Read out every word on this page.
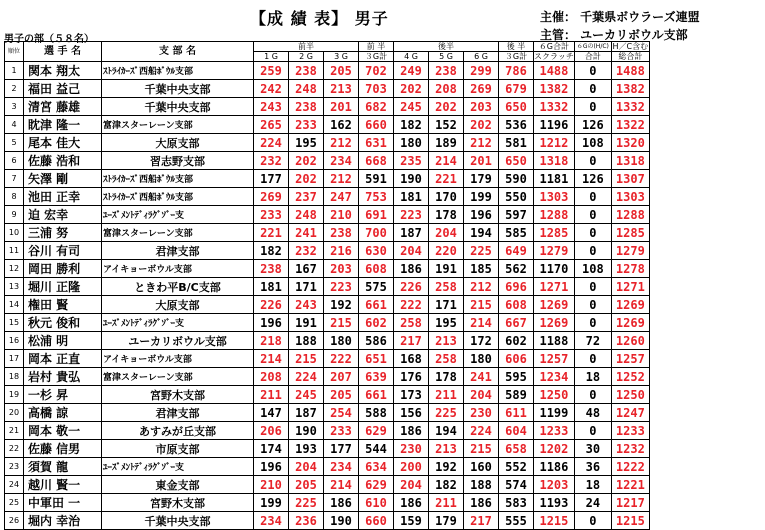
【成 績 表】 男子	主催： 千葉県ボウラーズ連盟
主管： ユーカリボウル支部
男子の部（５８名）
順位	選 手 名	支 部 名	前半			前 半	後半			後 半	６G合計	６Gの(H/C)	H／C含む
			1 G	2 G	3 G	３G計	4 G	5 G	6 G	３G計	スクラッチ	合計	総合計
1	関本 翔太	ｽﾄﾗｲｶｰｽﾞ西船ﾎﾞｳﾙ支部	259	238	205	702	249	238	299	786	1488	0	1488
2	福田 益己	千葉中央支部	242	248	213	703	202	208	269	679	1382	0	1382
3	清宮 藤雄	千葉中央支部	243	238	201	682	245	202	203	650	1332	0	1332
4	眈津 隆一	富津スターレーン支部	265	233	162	660	182	152	202	536	1196	126	1322
5	尾本 佳大	大原支部	224	195	212	631	180	189	212	581	1212	108	1320
6	佐藤 浩和	習志野支部	232	202	234	668	235	214	201	650	1318	0	1318
7	矢澤 剛	ｽﾄﾗｲｶｰｽﾞ西船ﾎﾞｳﾙ支部	177	202	212	591	190	221	179	590	1181	126	1307
8	池田 正幸	ｽﾄﾗｲｶｰｽﾞ西船ﾎﾞｳﾙ支部	269	237	247	753	181	170	199	550	1303	0	1303
9	迫 宏幸	ﾕｰｽﾞﾒﾝﾄﾃﾞｨﾗｸﾞｿﾞｰ支	233	248	210	691	223	178	196	597	1288	0	1288
10	三浦 努	富津スターレーン支部	221	241	238	700	187	204	194	585	1285	0	1285
11	谷川 有司	君津支部	182	232	216	630	204	220	225	649	1279	0	1279
12	岡田 勝利	アイキョーボウル支部	238	167	203	608	186	191	185	562	1170	108	1278
13	堀川 正隆	ときわ平B/C支部	181	171	223	575	226	258	212	696	1271	0	1271
14	権田 賢	大原支部	226	243	192	661	222	171	215	608	1269	0	1269
15	秋元 俊和	ﾕｰｽﾞﾒﾝﾄﾃﾞｨﾗｸﾞｿﾞｰ支	196	191	215	602	258	195	214	667	1269	0	1269
16	松浦 明	ユーカリボウル支部	218	188	180	586	217	213	172	602	1188	72	1260
17	岡本 正直	アイキョーボウル支部	214	215	222	651	168	258	180	606	1257	0	1257
18	岩村 貴弘	富津スターレーン支部	208	224	207	639	176	178	241	595	1234	18	1252
19	一杉 昇	宮野木支部	211	245	205	661	173	211	204	589	1250	0	1250
20	高橋 諒	君津支部	147	187	254	588	156	225	230	611	1199	48	1247
21	岡本 敬一	あすみが丘支部	206	190	233	629	186	194	224	604	1233	0	1233
22	佐藤 信男	市原支部	174	193	177	544	230	213	215	658	1202	30	1232
23	須賀 龍	ﾕｰｽﾞﾒﾝﾄﾃﾞｨﾗｸﾞｿﾞｰ支	196	204	234	634	200	192	160	552	1186	36	1222
24	越川 賢一	東金支部	210	205	214	629	204	182	188	574	1203	18	1221
25	中軍田 一	宮野木支部	199	225	186	610	186	211	186	583	1193	24	1217
26	堀内 幸治	千葉中央支部	234	236	190	660	159	179	217	555	1215	0	1215
